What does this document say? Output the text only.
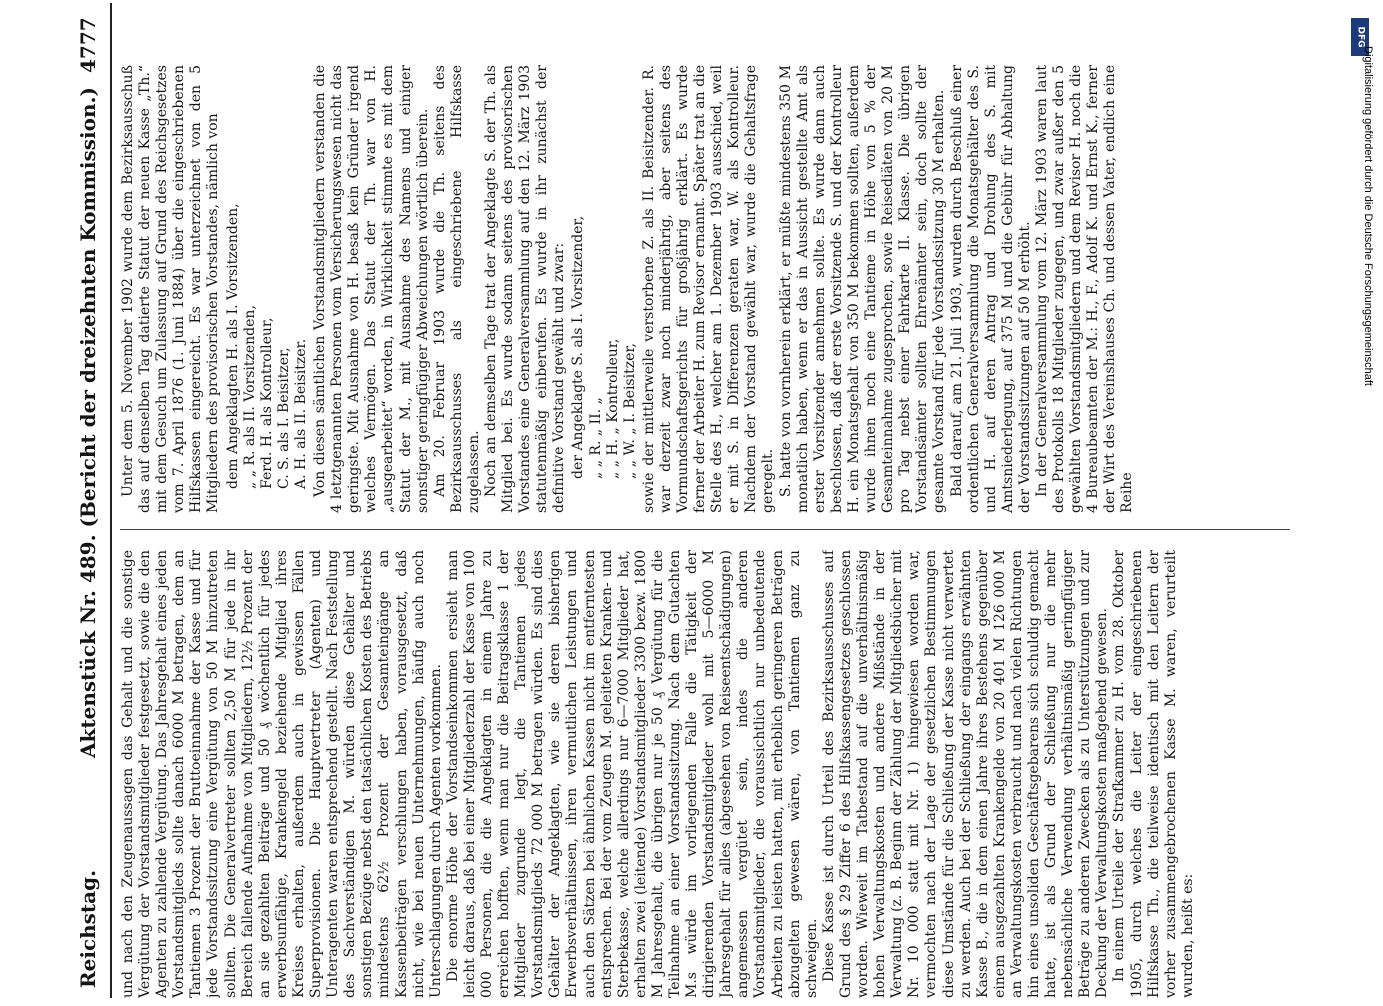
Reichstag.
Aktenstück Nr. 489. (Bericht der dreizehnten Kommission.)
4777

und nach den Zeugenaussagen das Gehalt und die sonstige Vergütung der Vorstandsmitglieder festgesetzt, sowie die den Agenten zu zahlende Vergütung. Das Jahresgehalt eines jeden Vorstandsmitglieds sollte danach 6000 M betragen, dem an Tantiemen 3 Prozent der Bruttoeinnahme der Kasse und für jede Vorstandssitzung eine Vergütung von 50 M hinzutreten sollten. Die Generalvertreter sollten 2,50 M für jede in ihr Bereich fallende Aufnahme von Mitgliedern, 12½ Prozent der an sie gezahlten Beiträge und 50 ₰ wöchentlich für jedes erwerbsunfähige, Krankengeld beziehende Mitglied ihres Kreises erhalten, außerdem auch in gewissen Fällen Superprovisionen. Die Hauptvertreter (Agenten) und Unteragenten waren entsprechend gestellt. Nach Feststellung des Sachverständigen M. würden diese Gehälter und sonstigen Bezüge nebst den tatsächlichen Kosten des Betriebs mindestens 62½ Prozent der Gesamteingänge an Kassenbeiträgen verschlungen haben, vorausgesetzt, daß nicht, wie bei neuen Unternehmungen, häufig auch noch Unterschlagungen durch Agenten vorkommen. Die enorme Höhe der Vorstandseinkommen ersieht man leicht daraus, daß bei einer Mitgliederzahl der Kasse von 100 000 Personen, die die Angeklagten in einem Jahre zu erreichen hofften, wenn man nur die Beitragsklasse 1 der Mitglieder zugrunde legt, die Tantiemen jedes Vorstandsmitglieds 72 000 M betragen würden. Es sind dies Gehälter der Angeklagten, wie sie deren bisherigen Erwerbsverhältnissen, ihren vermutlichen Leistungen und auch den Sätzen bei ähnlichen Kassen nicht im entferntesten entsprechen. Bei der vom Zeugen M. geleiteten Kranken- und Sterbekasse, welche allerdings nur 6—7000 Mitglieder hat, erhalten zwei (leitende) Vorstandsmitglieder 3300 bezw. 1800 M Jahresgehalt, die übrigen nur je 50 ₰ Vergütung für die Teilnahme an einer Vorstandssitzung. Nach dem Gutachten M.s würde im vorliegenden Falle die Tätigkeit der dirigierenden Vorstandsmitglieder wohl mit 5—6000 M Jahresgehalt für alles (abgesehen von Reiseentschädigungen) angemessen vergütet sein, indes die anderen Vorstandsmitglieder, die voraussichtlich nur unbedeutende Arbeiten zu leisten hatten, mit erheblich geringeren Beträgen abzugelten gewesen wären, von Tantiemen ganz zu schweigen. Diese Kasse ist durch Urteil des Bezirksausschusses auf Grund des § 29 Ziffer 6 des Hilfskassengesetzes geschlossen worden. Wieweit im Tatbestand auf die unverhältnismäßig hohen Verwaltungskosten und andere Mißstände in der Verwaltung (z. B. Beginn der Zählung der Mitgliedsbücher mit Nr. 10 000 statt mit Nr. 1) hingewiesen worden war, vermochten nach der Lage der gesetzlichen Bestimmungen diese Umstände für die Schließung der Kasse nicht verwertet zu werden. Auch bei der Schließung der eingangs erwähnten Kasse B., die in dem einen Jahre ihres Bestehens gegenüber einem ausgezahlten Krankengelde von 20 401 M 126 000 M an Verwaltungskosten verbraucht und nach vielen Richtungen hin eines unsoliden Geschäftsgebarens sich schuldig gemacht hatte, ist als Grund der Schließung nur die mehr nebensächliche Verwendung verhältnismäßig geringfügiger Beträge zu anderen Zwecken als zu Unterstützungen und zur Deckung der Verwaltungskosten maßgebend gewesen. In einem Urteile der Strafkammer zu H. vom 28. Oktober 1905, durch welches die Leiter der eingeschriebenen Hilfskasse Th., die teilweise identisch mit den Leitern der vorher zusammengebrochenen Kasse M. waren, verurteilt wurden, heißt es:

Unter dem 5. November 1902 wurde dem Bezirksausschuß das auf denselben Tag datierte Statut der neuen Kasse „Th.“ mit dem Gesuch um Zulassung auf Grund des Reichsgesetzes vom 7. April 1876 (1. Juni 1884) über die eingeschriebenen Hilfskassen eingereicht. Es war unterzeichnet von den 5 Mitgliedern des provisorischen Vorstandes, nämlich von dem Angeklagten H. als I. Vorsitzenden, „ „ R. als II. Vorsitzenden, Ferd. H. als Kontrolleur, C. S. als I. Beisitzer, A. H. als II. Beisitzer. Von diesen sämtlichen Vorstandsmitgliedern verstanden die 4 letztgenannten Personen vom Versicherungswesen nicht das geringste. Mit Ausnahme von H. besaß kein Gründer irgend welches Vermögen. Das Statut der Th. war von H. „ausgearbeitet“ worden, in Wirklichkeit stimmte es mit dem Statut der M., mit Ausnahme des Namens und einiger sonstiger geringfügiger Abweichungen wörtlich überein. Am 20. Februar 1903 wurde die Th. seitens des Bezirksausschusses als eingeschriebene Hilfskasse zugelassen. Noch an demselben Tage trat der Angeklagte S. der Th. als Mitglied bei. Es wurde sodann seitens des provisorischen Vorstandes eine Generalversammlung auf den 12. März 1903 statutenmäßig einberufen. Es wurde in ihr zunächst der definitive Vorstand gewählt und zwar: der Angeklagte S. als I. Vorsitzender, „ „ R. „ II. „ „ „ H. „ Kontrolleur, „ „ W. „ I. Beisitzer, sowie der mittlerweile verstorbene Z. als II. Beisitzender. R. war derzeit zwar noch minderjährig, aber seitens des Vormundschaftsgerichts für großjährig erklärt. Es wurde ferner der Arbeiter H. zum Revisor ernannt. Später trat an die Stelle des H., welcher am 1. Dezember 1903 ausschied, weil er mit S. in Differenzen geraten war, W. als Kontrolleur. Nachdem der Vorstand gewählt war, wurde die Gehaltsfrage geregelt. S. hatte von vornherein erklärt, er müßte mindestens 350 M monatlich haben, wenn er das in Aussicht gestellte Amt als erster Vorsitzender annehmen sollte. Es wurde dann auch beschlossen, daß der erste Vorsitzende S. und der Kontrolleur H. ein Monatsgehalt von 350 M bekommen sollten, außerdem wurde ihnen noch eine Tantieme in Höhe von 5 % der Gesamteinnahme zugesprochen, sowie Reisediäten von 20 M pro Tag nebst einer Fahrkarte II. Klasse. Die übrigen Vorstandsämter sollten Ehrenämter sein, doch sollte der gesamte Vorstand für jede Vorstandssitzung 30 M erhalten. Bald darauf, am 21. Juli 1903, wurden durch Beschluß einer ordentlichen Generalversammlung die Monatsgehälter des S. und H. auf deren Antrag und Drohung des S. mit Amtsniederlegung, auf 375 M und die Gebühr für Abhaltung der Vorstandssitzungen auf 50 M erhöht. In der Generalversammlung vom 12. März 1903 waren laut des Protokolls 18 Mitglieder zugegen, und zwar außer den 5 gewählten Vorstandsmitgliedern und dem Revisor H. noch die 4 Bureaubeamten der M.: H., F., Adolf K. und Ernst K., ferner der Wirt des Vereinshauses Ch. und dessen Vater, endlich eine Reihe

DFG
Digitalisierung gefördert durch die Deutsche Forschungsgemeinschaft
